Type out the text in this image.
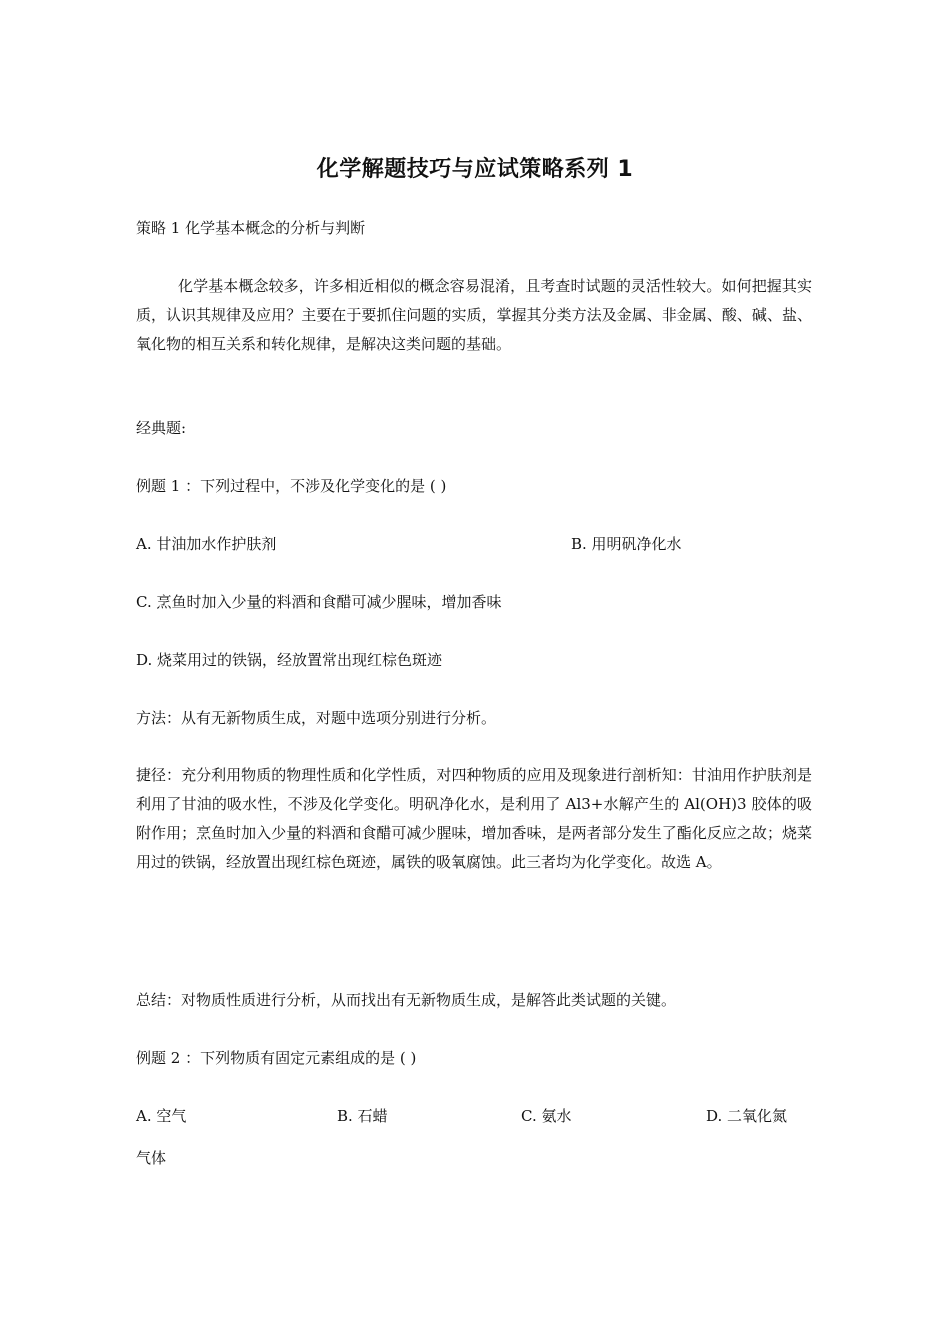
化学解题技巧与应试策略系列 1
策略 1 化学基本概念的分析与判断
化学基本概念较多，许多相近相似的概念容易混淆，且考查时试题的灵活性较大。如何把握其实质，认识其规律及应用？主要在于要抓住问题的实质，掌握其分类方法及金属、非金属、酸、碱、盐、氧化物的相互关系和转化规律，是解决这类问题的基础。
经典题:
例题 1 ：下列过程中，不涉及化学变化的是 ( )
A. 甘油加水作护肤剂	B. 用明矾净化水
C. 烹鱼时加入少量的料酒和食醋可减少腥味，增加香味
D. 烧菜用过的铁锅，经放置常出现红棕色斑迹
方法：从有无新物质生成，对题中选项分别进行分析。
捷径：充分利用物质的物理性质和化学性质，对四种物质的应用及现象进行剖析知：甘油用作护肤剂是利用了甘油的吸水性，不涉及化学变化。明矾净化水，是利用了 Al3+水解产生的 Al(OH)3 胶体的吸附作用；烹鱼时加入少量的料酒和食醋可减少腥味，增加香味，是两者部分发生了酯化反应之故；烧菜用过的铁锅，经放置出现红棕色斑迹，属铁的吸氧腐蚀。此三者均为化学变化。故选 A。
总结：对物质性质进行分析，从而找出有无新物质生成，是解答此类试题的关键。
例题 2 ：下列物质有固定元素组成的是 ( )
A. 空气	B. 石蜡	C. 氨水	D. 二氧化氮
气体
